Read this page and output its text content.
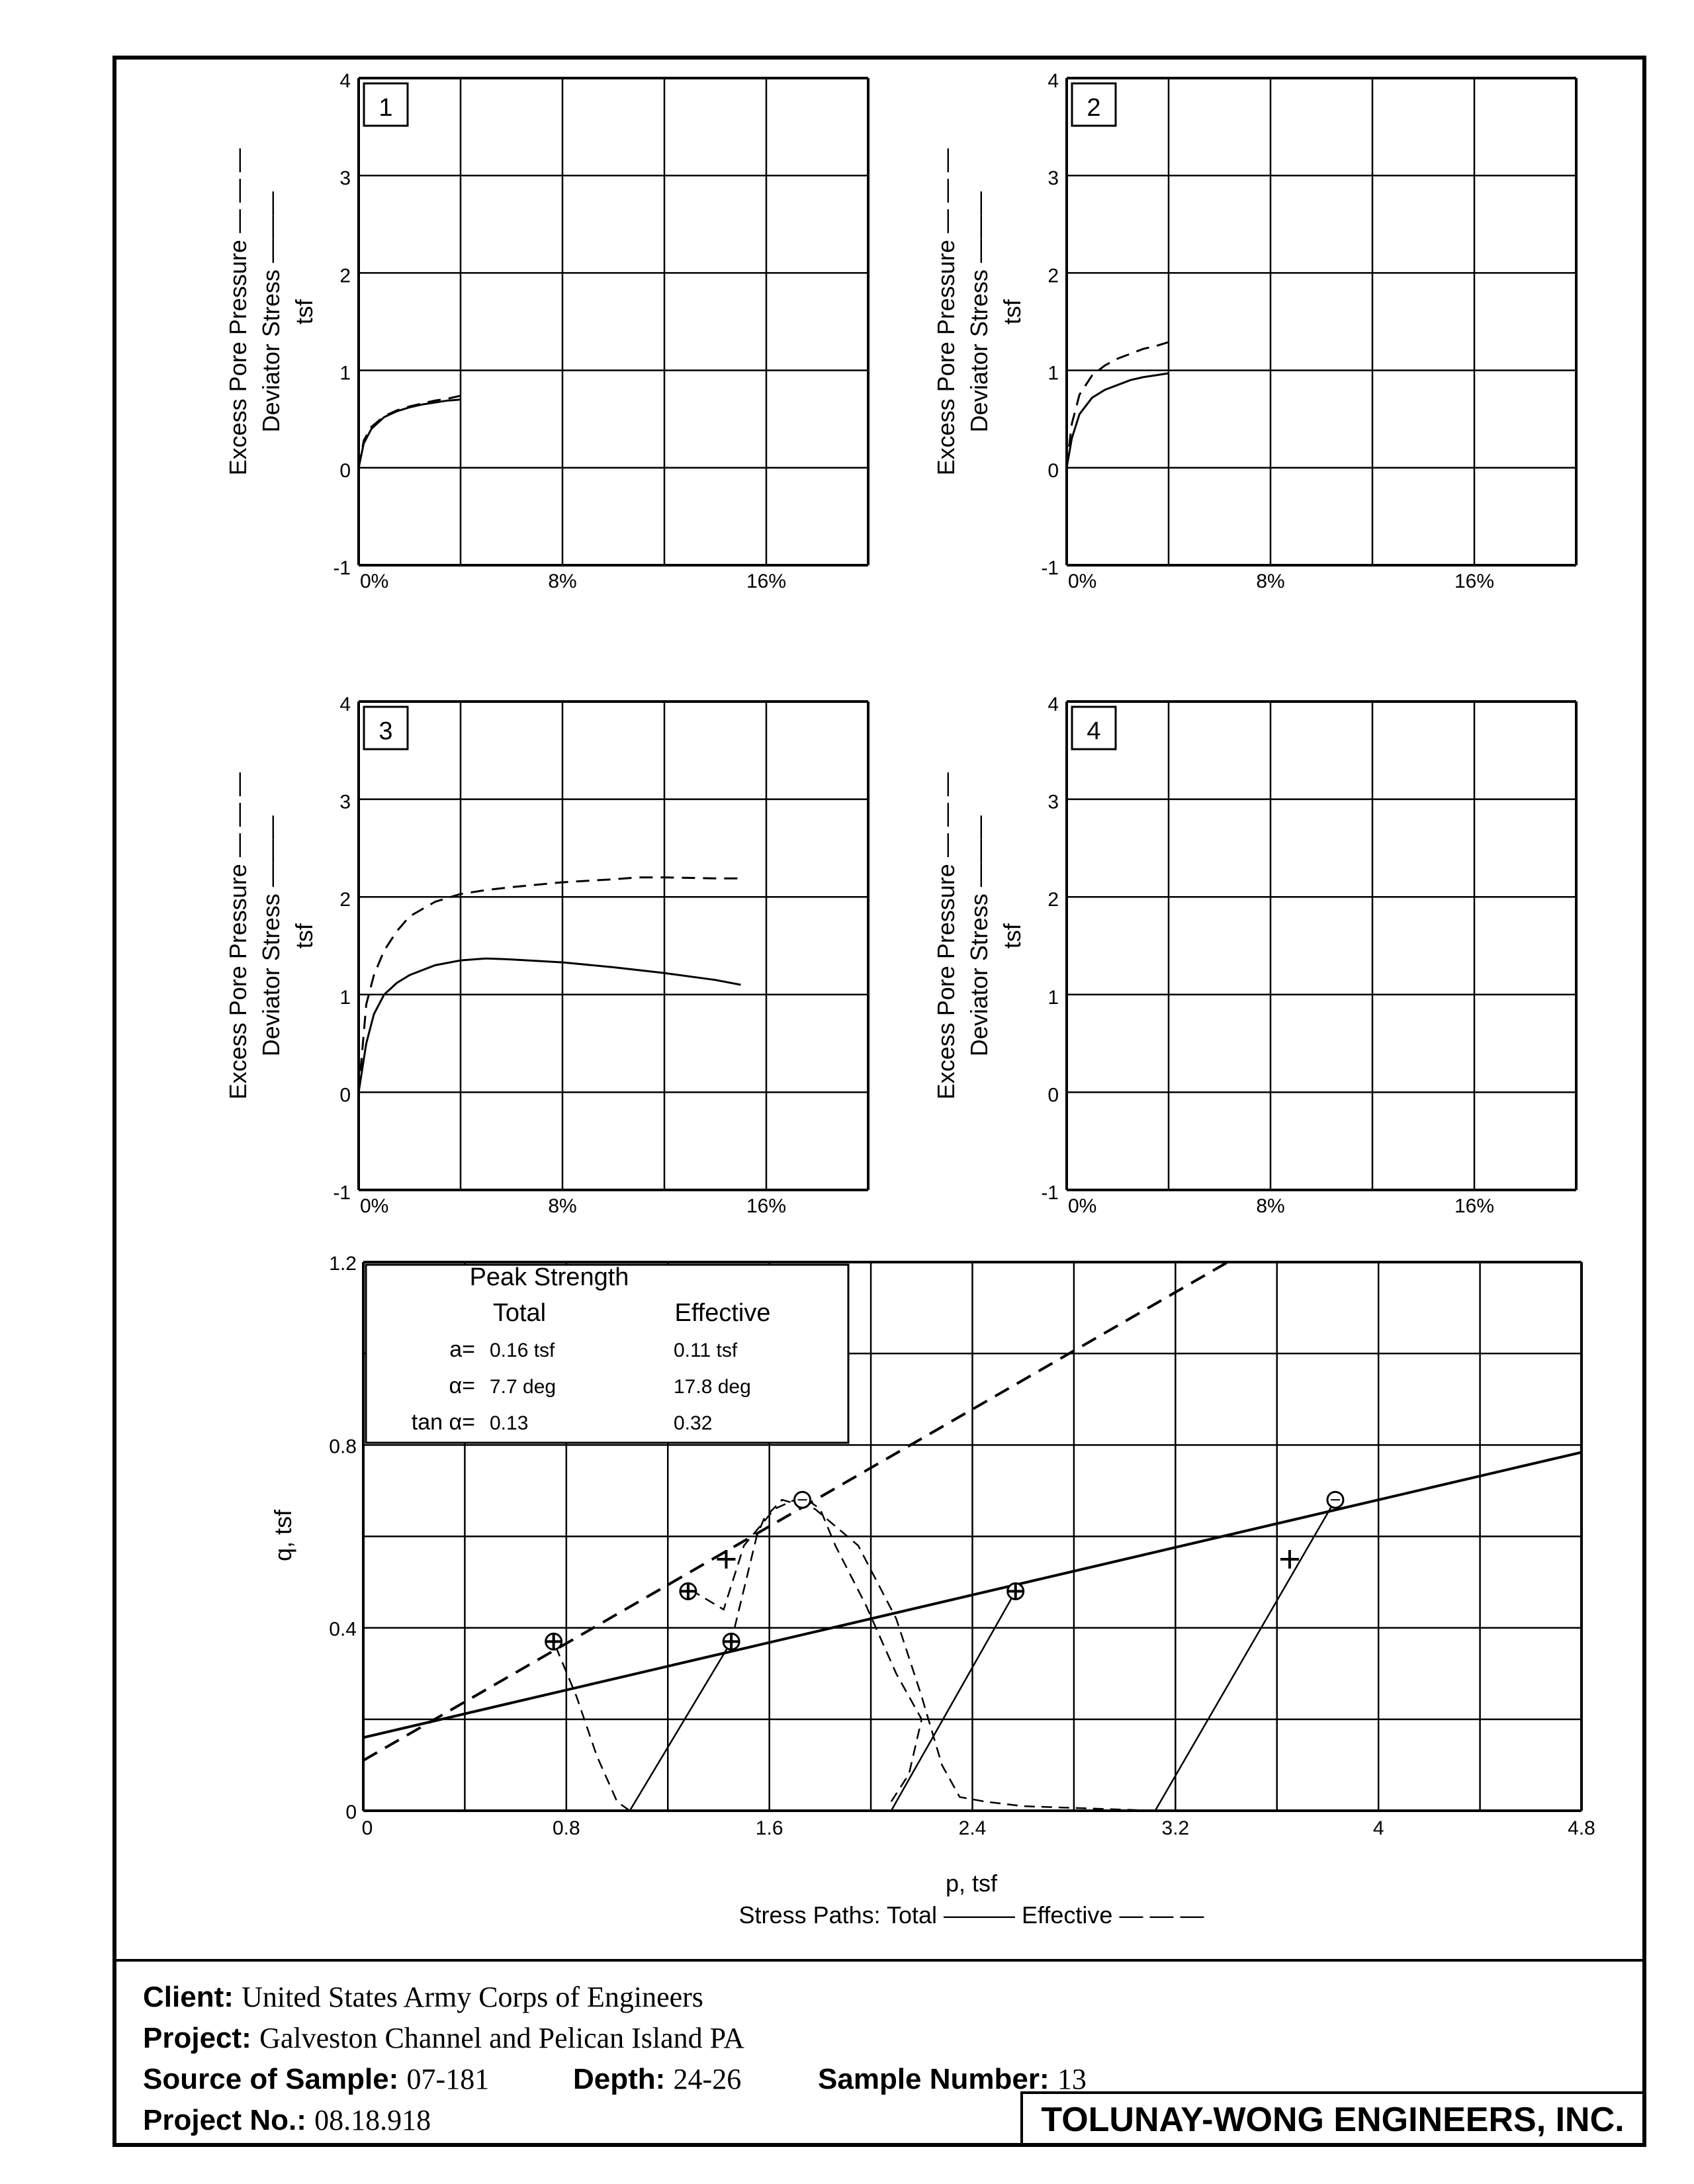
1
4
3
2
1
0
-1
0%	8%	16%
Excess Pore Pressure — — — Deviator Stress ——— tsf
2
4
3
2
1
0
-1
0%	8%	16%
Excess Pore Pressure — — — Deviator Stress ——— tsf
3
4
3
2
1
0
-1
0%	8%	16%
Excess Pore Pressure — — — Deviator Stress ——— tsf
4
4
3
2
1
0
-1
0%	8%	16%
Excess Pore Pressure — — — Deviator Stress ——— tsf
0	0.8	1.6	2.4	3.2	4	4.8
1.2
0.8
0.4
0
p, tsf
q, tsf
Stress Paths: Total ——— Effective — — —
Peak Strength
Total	Effective
a= 0.16 tsf	0.11 tsf
α= 7.7 deg	17.8 deg
tan α= 0.13	0.32
Client: United States Army Corps of Engineers
Project: Galveston Channel and Pelican Island PA
Source of Sample: 07-181	Depth: 24-26	Sample Number: 13
Project No.: 08.18.918	TOLUNAY-WONG ENGINEERS, INC.
